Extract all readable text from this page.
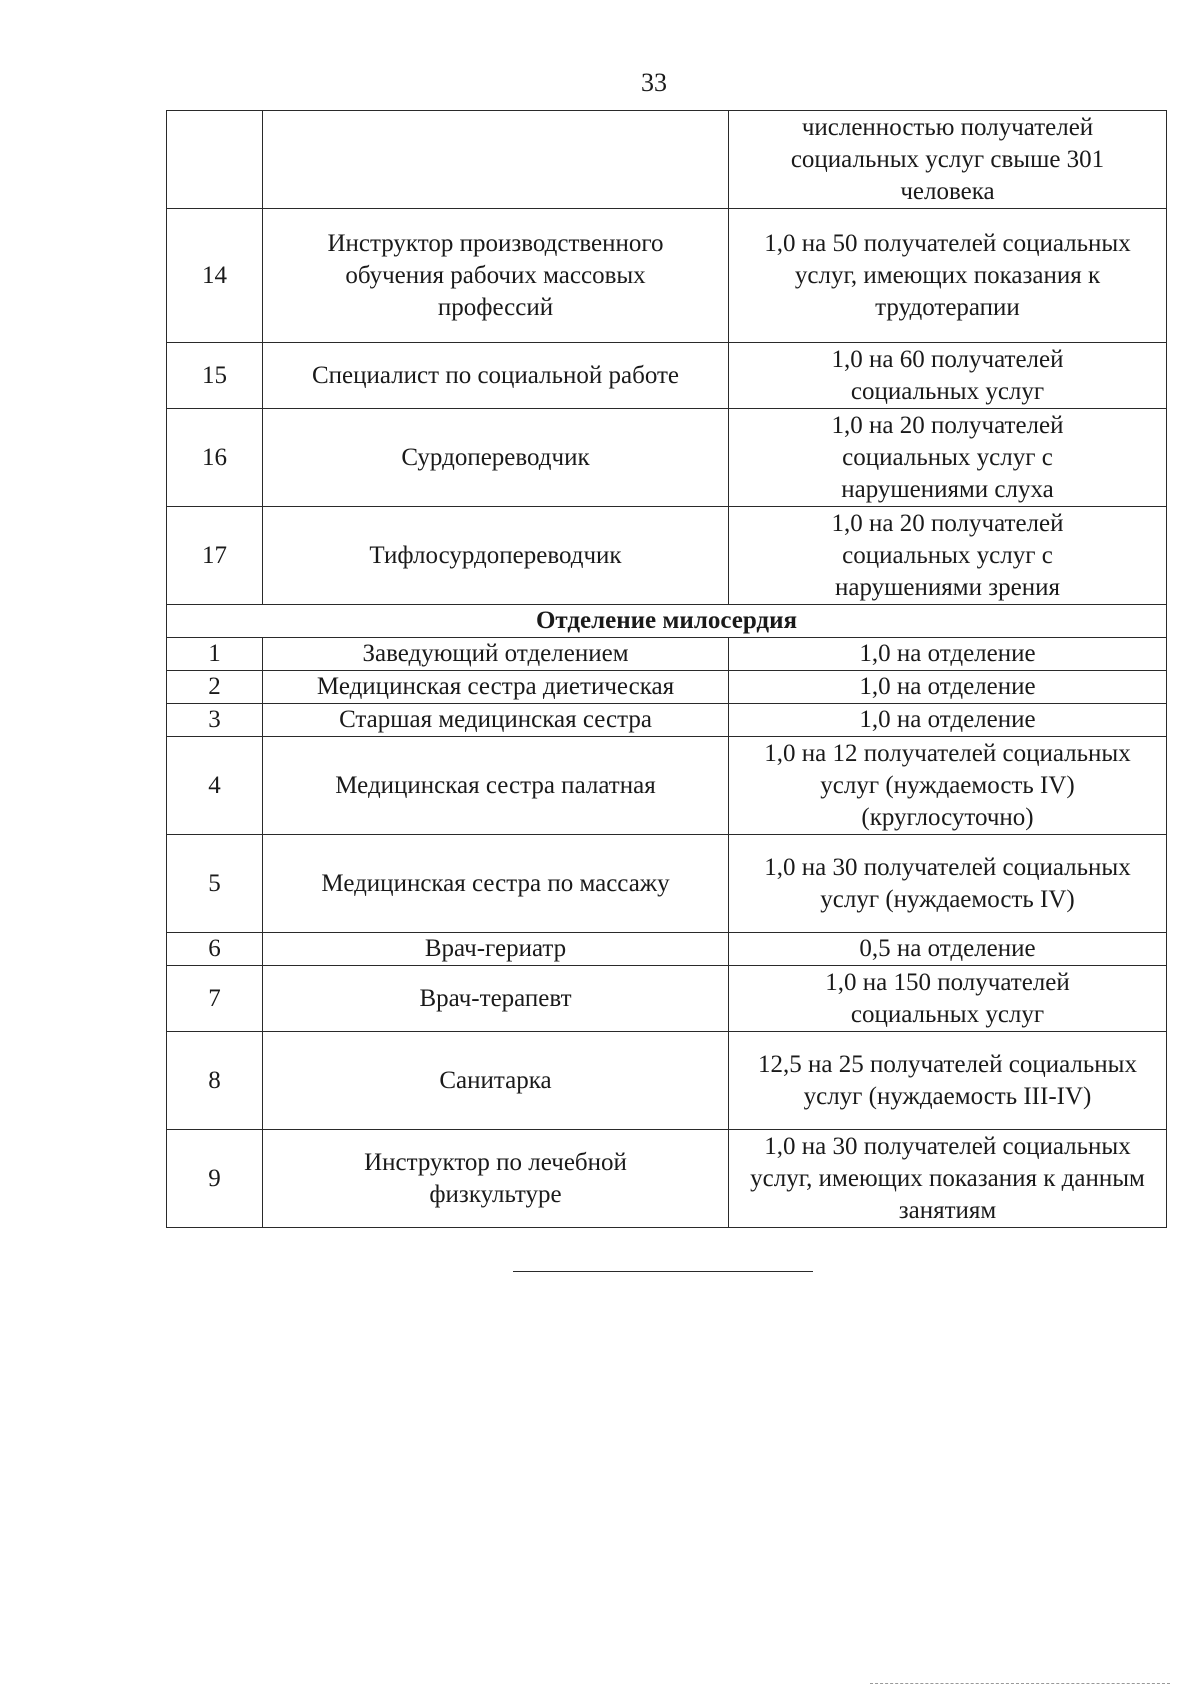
33
		численностью получателей социальных услуг свыше 301 человека
14	Инструктор производственного обучения рабочих массовых профессий	1,0 на 50 получателей социальных услуг, имеющих показания к трудотерапии
15	Специалист по социальной работе	1,0 на 60 получателей социальных услуг
16	Сурдопереводчик	1,0 на 20 получателей социальных услуг с нарушениями слуха
17	Тифлосурдопереводчик	1,0 на 20 получателей социальных услуг с нарушениями зрения
Отделение милосердия		
1	Заведующий отделением	1,0 на отделение
2	Медицинская сестра диетическая	1,0 на отделение
3	Старшая медицинская сестра	1,0 на отделение
4	Медицинская сестра палатная	1,0 на 12 получателей социальных услуг (нуждаемость IV) (круглосуточно)
5	Медицинская сестра по массажу	1,0 на 30 получателей социальных услуг (нуждаемость IV)
6	Врач-гериатр	0,5 на отделение
7	Врач-терапевт	1,0 на 150 получателей социальных услуг
8	Санитарка	12,5 на 25 получателей социальных услуг (нуждаемость III-IV)
9	Инструктор по лечебной физкультуре	1,0 на 30 получателей социальных услуг, имеющих показания к данным занятиям
